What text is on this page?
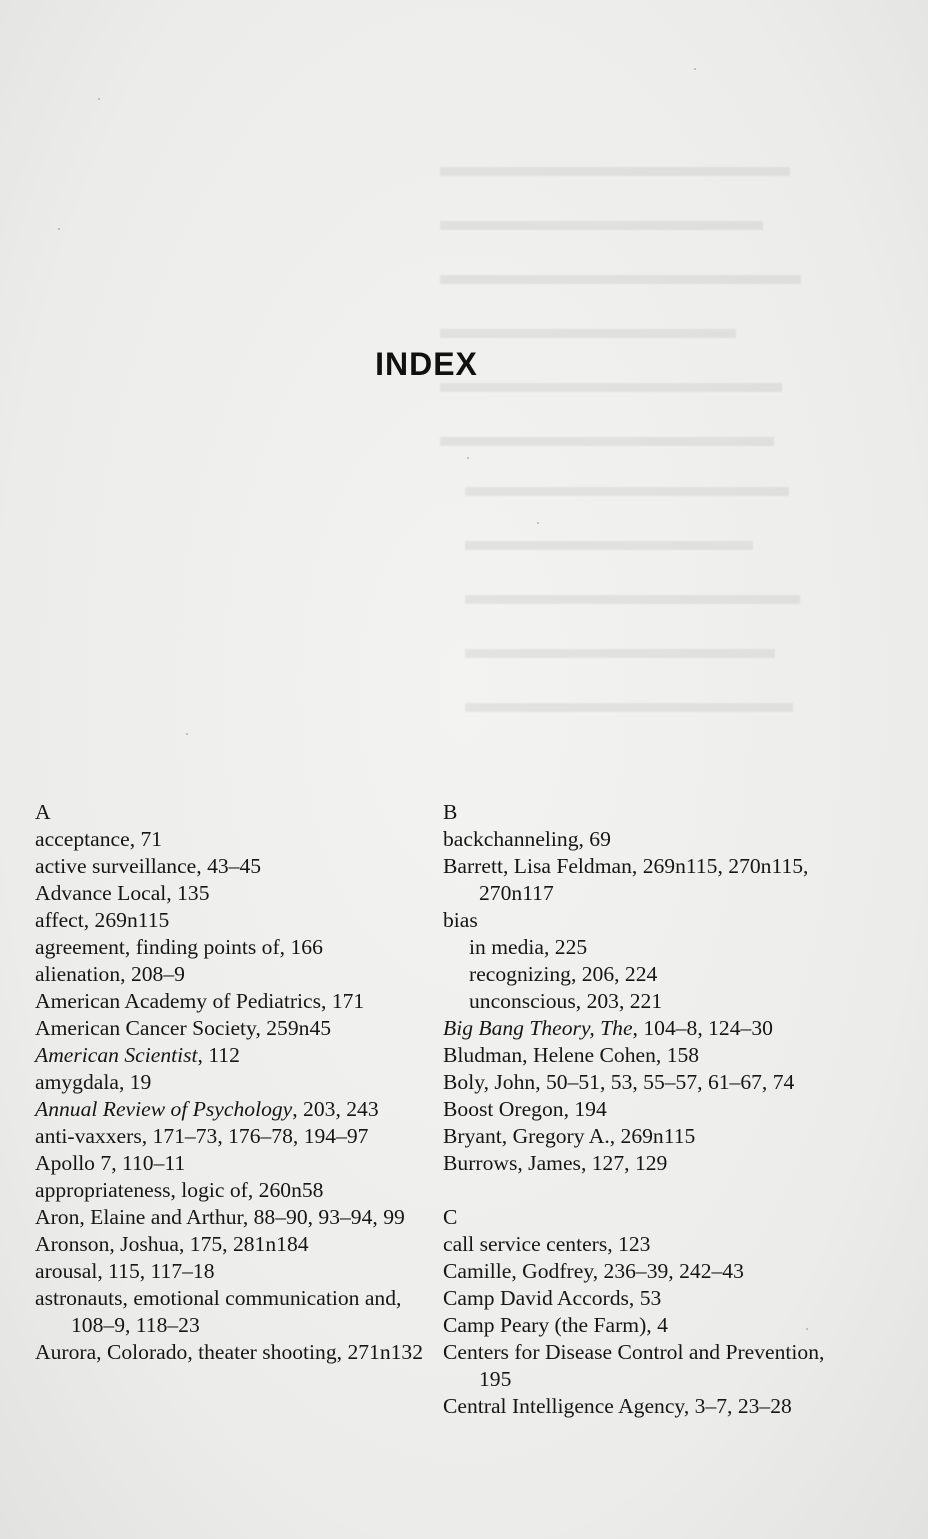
INDEX
A
acceptance, 71
active surveillance, 43–45
Advance Local, 135
affect, 269n115
agreement, finding points of, 166
alienation, 208–9
American Academy of Pediatrics, 171
American Cancer Society, 259n45
American Scientist, 112
amygdala, 19
Annual Review of Psychology, 203, 243
anti-vaxxers, 171–73, 176–78, 194–97
Apollo 7, 110–11
appropriateness, logic of, 260n58
Aron, Elaine and Arthur, 88–90, 93–94, 99
Aronson, Joshua, 175, 281n184
arousal, 115, 117–18
astronauts, emotional communication and, 108–9, 118–23
Aurora, Colorado, theater shooting, 271n132
B
backchanneling, 69
Barrett, Lisa Feldman, 269n115, 270n115, 270n117
bias
in media, 225
recognizing, 206, 224
unconscious, 203, 221
Big Bang Theory, The, 104–8, 124–30
Bludman, Helene Cohen, 158
Boly, John, 50–51, 53, 55–57, 61–67, 74
Boost Oregon, 194
Bryant, Gregory A., 269n115
Burrows, James, 127, 129
C
call service centers, 123
Camille, Godfrey, 236–39, 242–43
Camp David Accords, 53
Camp Peary (the Farm), 4
Centers for Disease Control and Prevention, 195
Central Intelligence Agency, 3–7, 23–28
